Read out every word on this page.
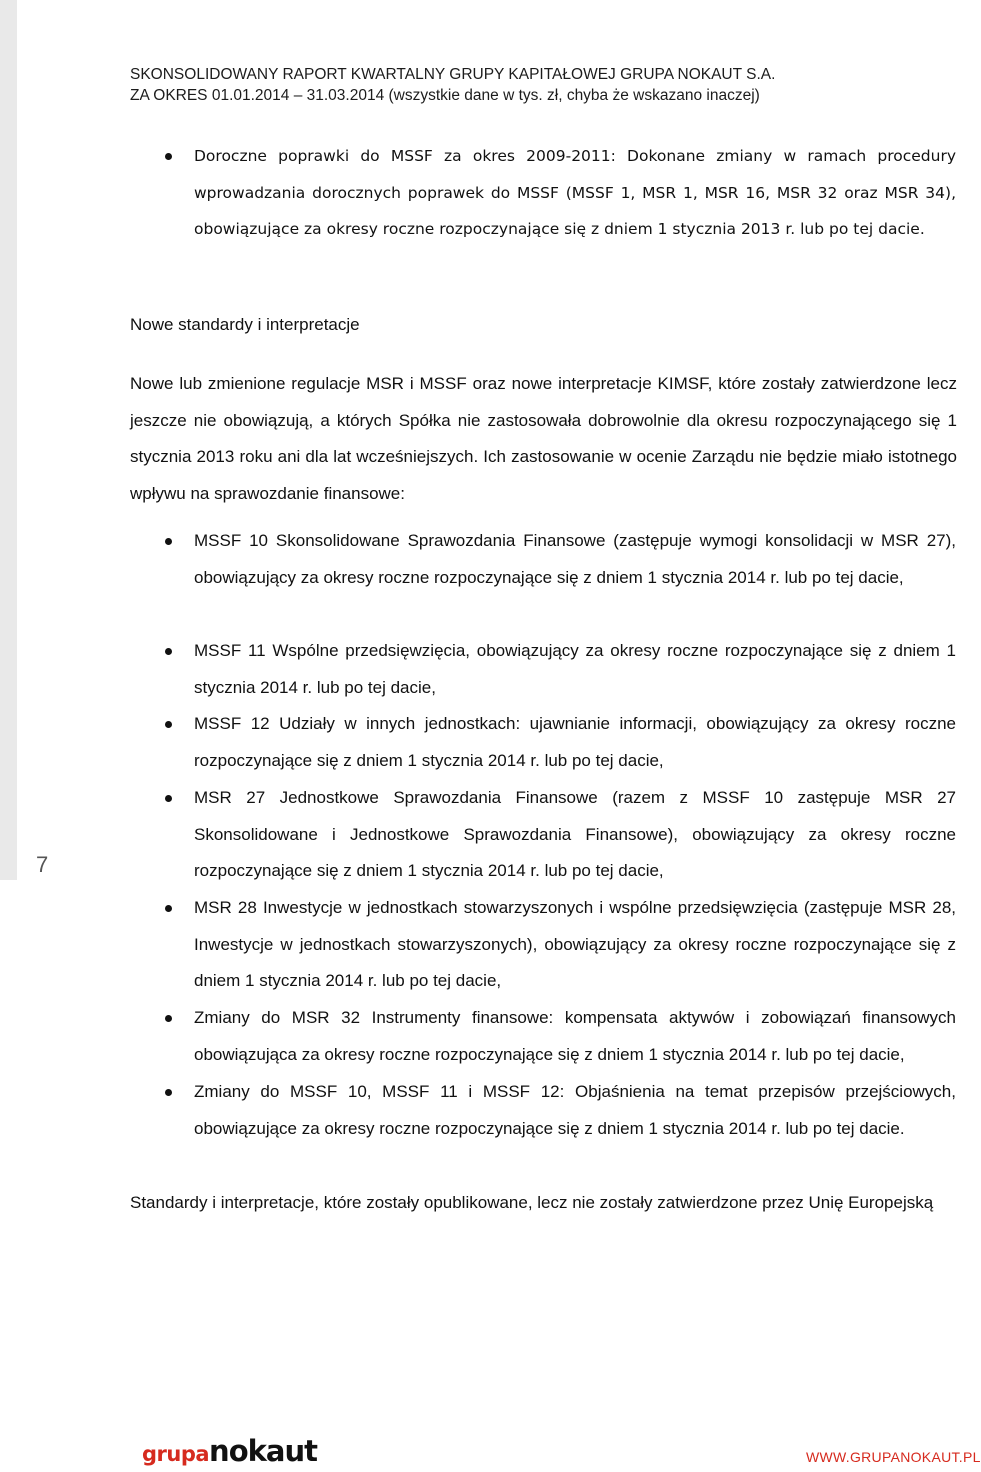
7
SKONSOLIDOWANY RAPORT KWARTALNY GRUPY KAPITAŁOWEJ GRUPA NOKAUT S.A.
ZA OKRES 01.01.2014 – 31.03.2014 (wszystkie dane w tys. zł, chyba że wskazano inaczej)
Doroczne poprawki do MSSF za okres 2009-2011: Dokonane zmiany w ramach procedury wprowadzania dorocznych poprawek do MSSF (MSSF 1, MSR 1, MSR 16, MSR 32 oraz MSR 34), obowiązujące za okresy roczne rozpoczynające się z dniem 1 stycznia 2013 r. lub po tej dacie.
Nowe standardy i interpretacje
Nowe lub zmienione regulacje MSR i MSSF oraz nowe interpretacje KIMSF, które zostały zatwierdzone lecz jeszcze nie obowiązują, a których Spółka nie zastosowała dobrowolnie dla okresu rozpoczynającego się 1 stycznia 2013 roku ani dla lat wcześniejszych. Ich zastosowanie w ocenie Zarządu nie będzie miało istotnego wpływu na sprawozdanie finansowe:
MSSF 10 Skonsolidowane Sprawozdania Finansowe (zastępuje wymogi konsolidacji w MSR 27), obowiązujący za okresy roczne rozpoczynające się z dniem 1 stycznia 2014 r. lub po tej dacie,
MSSF 11 Wspólne przedsięwzięcia, obowiązujący za okresy roczne rozpoczynające się z dniem 1 stycznia 2014 r. lub po tej dacie,
MSSF 12 Udziały w innych jednostkach: ujawnianie informacji, obowiązujący za okresy roczne rozpoczynające się z dniem 1 stycznia 2014 r. lub po tej dacie,
MSR 27 Jednostkowe Sprawozdania Finansowe (razem z MSSF 10 zastępuje MSR 27 Skonsolidowane i Jednostkowe Sprawozdania Finansowe), obowiązujący za okresy roczne rozpoczynające się z dniem 1 stycznia 2014 r. lub po tej dacie,
MSR 28 Inwestycje w jednostkach stowarzyszonych i wspólne przedsięwzięcia (zastępuje MSR 28, Inwestycje w jednostkach stowarzyszonych), obowiązujący za okresy roczne rozpoczynające się z dniem 1 stycznia 2014 r. lub po tej dacie,
Zmiany do MSR 32 Instrumenty finansowe: kompensata aktywów i zobowiązań finansowych obowiązująca za okresy roczne rozpoczynające się z dniem 1 stycznia 2014 r. lub po tej dacie,
Zmiany do MSSF 10, MSSF 11 i MSSF 12: Objaśnienia na temat przepisów przejściowych, obowiązujące za okresy roczne rozpoczynające się z dniem 1 stycznia 2014 r. lub po tej dacie.
Standardy i interpretacje, które zostały opublikowane, lecz nie zostały zatwierdzone przez Unię Europejską
grupanokaut	WWW.GRUPANOKAUT.PL
